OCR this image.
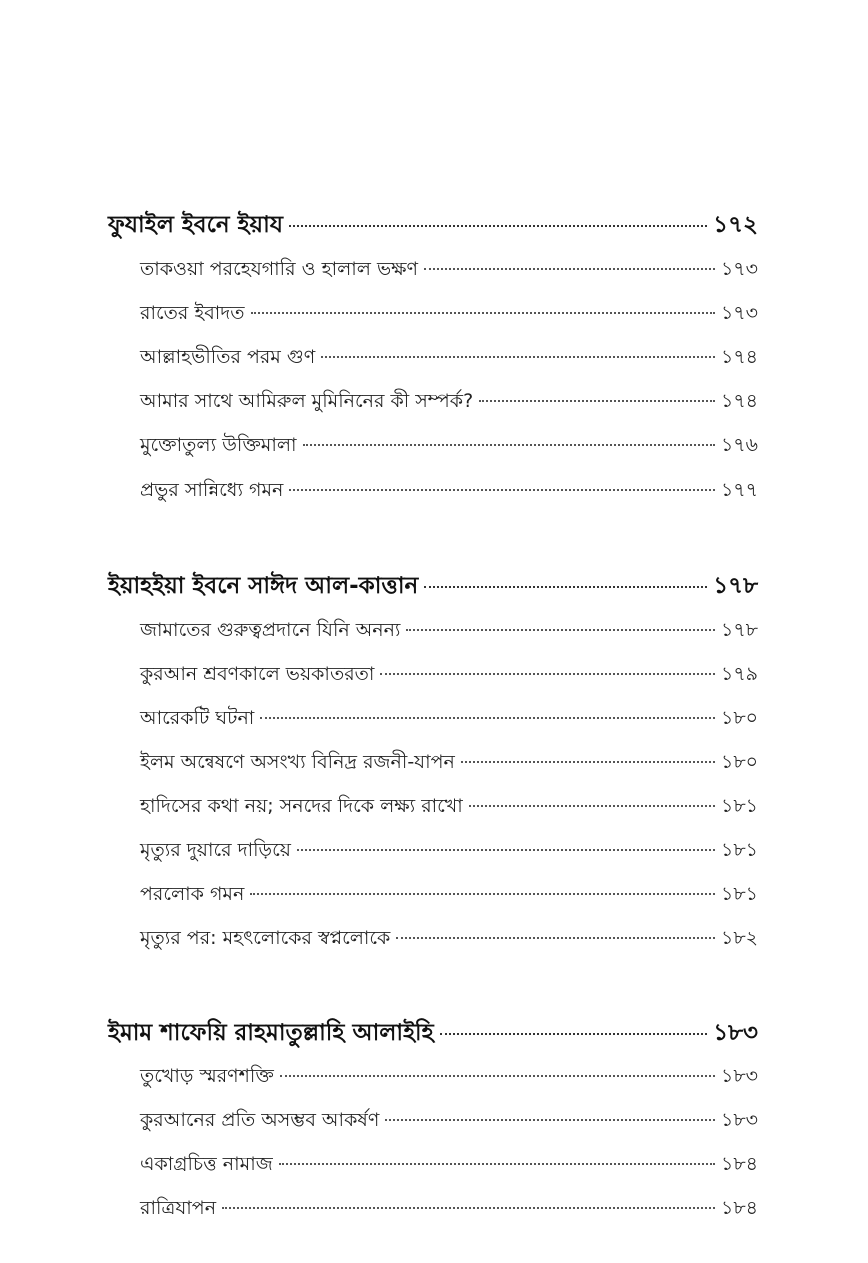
ফুযাইল ইবনে ইয়ায	১৭২
তাকওয়া পরহেযগারি ও হালাল ভক্ষণ	১৭৩
রাতের ইবাদত	১৭৩
আল্লাহভীতির পরম গুণ	১৭৪
আমার সাথে আমিরুল মুমিনিনের কী সম্পর্ক?	১৭৪
মুক্তোতুল্য উক্তিমালা	১৭৬
প্রভুর সান্নিধ্যে গমন	১৭৭
ইয়াহইয়া ইবনে সাঈদ আল-কাত্তান	১৭৮
জামাতের গুরুত্বপ্রদানে যিনি অনন্য	১৭৮
কুরআন শ্রবণকালে ভয়কাতরতা	১৭৯
আরেকটি ঘটনা	১৮০
ইলম অন্বেষণে অসংখ্য বিনিদ্র রজনী-যাপন	১৮০
হাদিসের কথা নয়; সনদের দিকে লক্ষ্য রাখো	১৮১
মৃত্যুর দুয়ারে দাড়িয়ে	১৮১
পরলোক গমন	১৮১
মৃত্যুর পর: মহৎলোকের স্বপ্নলোকে	১৮২
ইমাম শাফেয়ি রাহমাতুল্লাহি আলাইহি	১৮৩
তুখোড় স্মরণশক্তি	১৮৩
কুরআনের প্রতি অসম্ভব আকর্ষণ	১৮৩
একাগ্রচিত্ত নামাজ	১৮৪
রাত্রিযাপন	১৮৪
